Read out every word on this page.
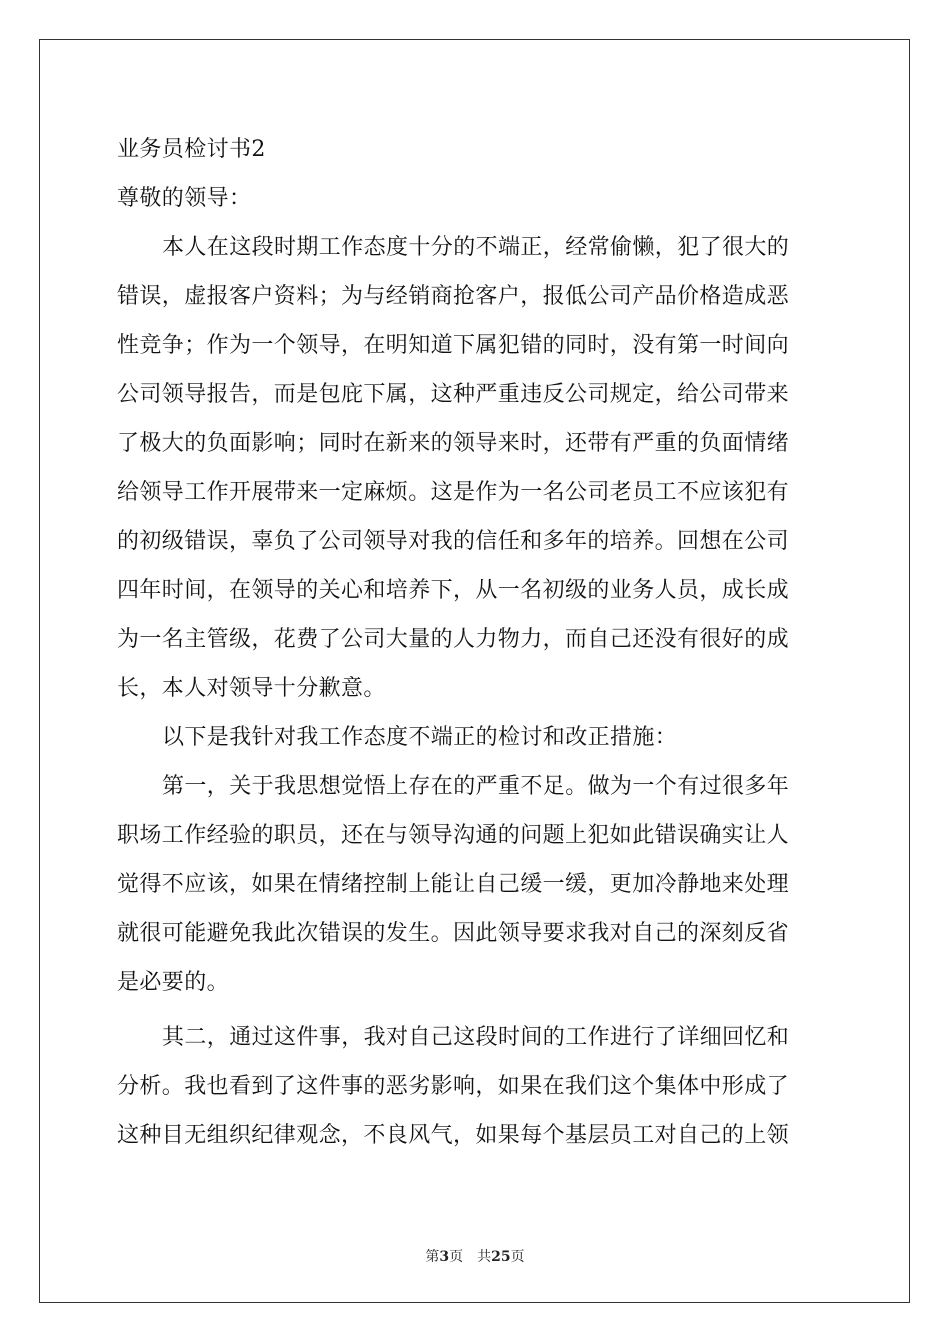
业务员检讨书2
尊敬的领导：
本人在这段时期工作态度十分的不端正，经常偷懒，犯了很大的
错误，虚报客户资料；为与经销商抢客户，报低公司产品价格造成恶
性竞争；作为一个领导，在明知道下属犯错的同时，没有第一时间向
公司领导报告，而是包庇下属，这种严重违反公司规定，给公司带来
了极大的负面影响；同时在新来的领导来时，还带有严重的负面情绪
给领导工作开展带来一定麻烦。这是作为一名公司老员工不应该犯有
的初级错误，辜负了公司领导对我的信任和多年的培养。回想在公司
四年时间，在领导的关心和培养下，从一名初级的业务人员，成长成
为一名主管级，花费了公司大量的人力物力，而自己还没有很好的成
长，本人对领导十分歉意。
以下是我针对我工作态度不端正的检讨和改正措施：
第一，关于我思想觉悟上存在的严重不足。做为一个有过很多年
职场工作经验的职员，还在与领导沟通的问题上犯如此错误确实让人
觉得不应该，如果在情绪控制上能让自己缓一缓，更加冷静地来处理
就很可能避免我此次错误的发生。因此领导要求我对自己的深刻反省
是必要的。
其二，通过这件事，我对自己这段时间的工作进行了详细回忆和
分析。我也看到了这件事的恶劣影响，如果在我们这个集体中形成了
这种目无组织纪律观念，不良风气，如果每个基层员工对自己的上领
第3页 共25页
